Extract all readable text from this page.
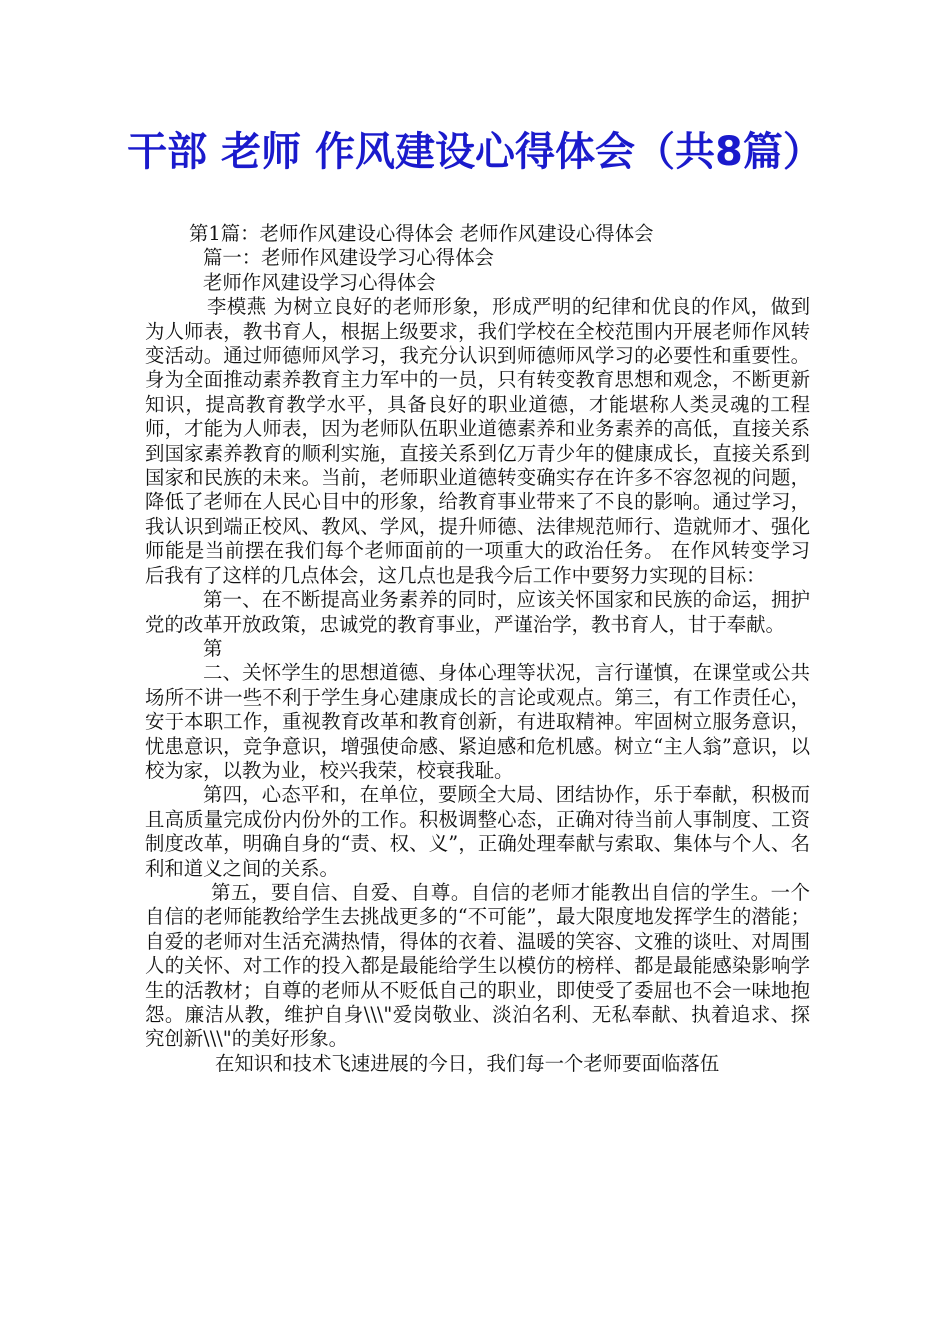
干部 老师 作风建设心得体会（共8篇）

第1篇：老师作风建设心得体会 老师作风建设心得体会

篇一：老师作风建设学习心得体会

老师作风建设学习心得体会

李模燕 为树立良好的老师形象，形成严明的纪律和优良的作风，做到为人师表，教书育人，根据上级要求，我们学校在全校范围内开展老师作风转变活动。通过师德师风学习，我充分认识到师德师风学习的必要性和重要性。身为全面推动素养教育主力军中的一员，只有转变教育思想和观念，不断更新知识，提高教育教学水平，具备良好的职业道德，才能堪称人类灵魂的工程师，才能为人师表，因为老师队伍职业道德素养和业务素养的高低，直接关系到国家素养教育的顺利实施，直接关系到亿万青少年的健康成长，直接关系到国家和民族的未来。当前，老师职业道德转变确实存在许多不容忽视的问题，降低了老师在人民心目中的形象，给教育事业带来了不良的影响。通过学习，我认识到端正校风、教风、学风，提升师德、法律规范师行、造就师才、强化师能是当前摆在我们每个老师面前的一项重大的政治任务。 在作风转变学习后我有了这样的几点体会，这几点也是我今后工作中要努力实现的目标：

第一、在不断提高业务素养的同时，应该关怀国家和民族的命运，拥护党的改革开放政策，忠诚党的教育事业，严谨治学，教书育人，甘于奉献。

第

二、关怀学生的思想道德、身体心理等状况，言行谨慎，在课堂或公共场所不讲一些不利于学生身心建康成长的言论或观点。第三，有工作责任心，安于本职工作，重视教育改革和教育创新，有进取精神。牢固树立服务意识，忧患意识，竞争意识，增强使命感、紧迫感和危机感。树立“主人翁”意识，以校为家，以教为业，校兴我荣，校衰我耻。

第四，心态平和，在单位，要顾全大局、团结协作，乐于奉献，积极而且高质量完成份内份外的工作。积极调整心态，正确对待当前人事制度、工资制度改革，明确自身的“责、权、义”，正确处理奉献与索取、集体与个人、名利和道义之间的关系。

第五，要自信、自爱、自尊。自信的老师才能教出自信的学生。一个自信的老师能教给学生去挑战更多的“不可能”，最大限度地发挥学生的潜能；自爱的老师对生活充满热情，得体的衣着、温暖的笑容、文雅的谈吐、对周围人的关怀、对工作的投入都是最能给学生以模仿的榜样、都是最能感染影响学生的活教材；自尊的老师从不贬低自己的职业，即使受了委屈也不会一味地抱怨。廉洁从教，维护自身\\\"爱岗敬业、淡泊名利、无私奉献、执着追求、探究创新\\\"的美好形象。

在知识和技术飞速进展的今日，我们每一个老师要面临落伍
